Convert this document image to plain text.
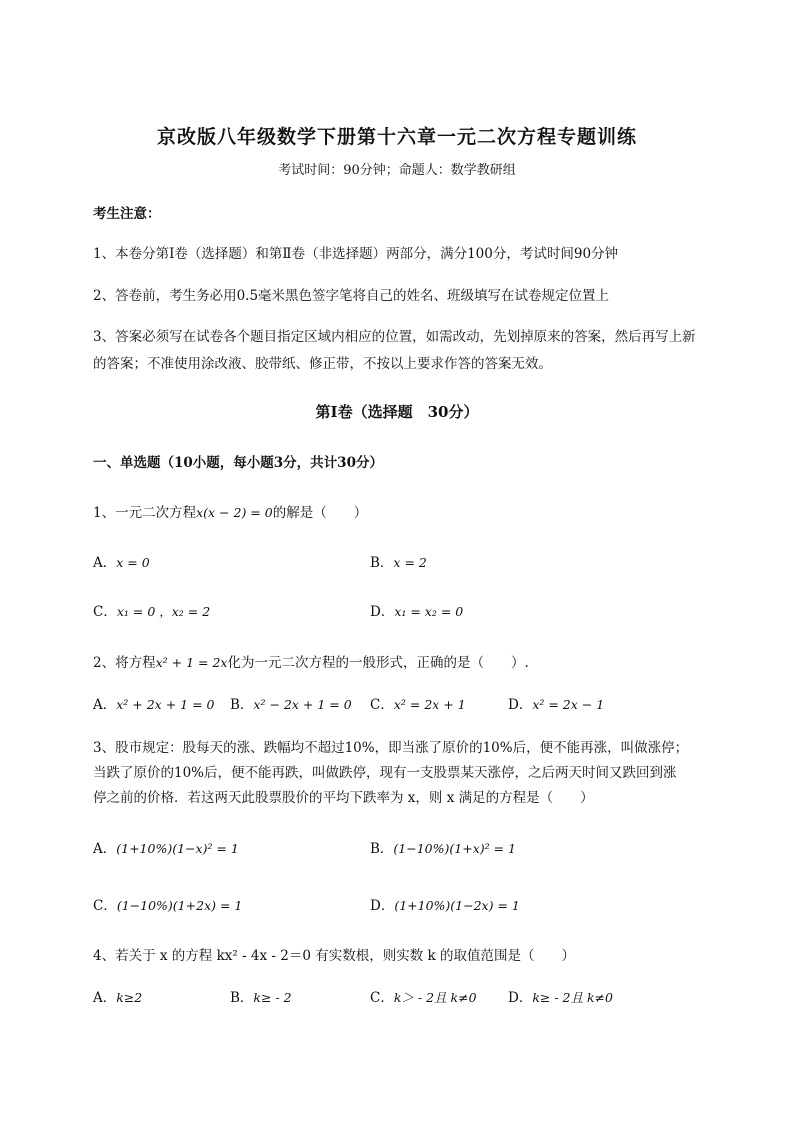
京改版八年级数学下册第十六章一元二次方程专题训练
考试时间：90分钟；命题人：数学教研组
考生注意：
1、本卷分第I卷（选择题）和第Ⅱ卷（非选择题）两部分，满分100分，考试时间90分钟
2、答卷前，考生务必用0.5毫米黑色签字笔将自己的姓名、班级填写在试卷规定位置上
3、答案必须写在试卷各个题目指定区域内相应的位置，如需改动，先划掉原来的答案，然后再写上新
的答案；不准使用涂改液、胶带纸、修正带，不按以上要求作答的答案无效。
第I卷（选择题　30分）
一、单选题（10小题，每小题3分，共计30分）
1、一元二次方程x(x − 2) = 0的解是（　　）
A．x = 0	B．x = 2
C．x₁ = 0 ，x₂ = 2	D．x₁ = x₂ = 0
2、将方程x² + 1 = 2x化为一元二次方程的一般形式，正确的是（　　）.
A．x² + 2x + 1 = 0 B．x² − 2x + 1 = 0 C．x² = 2x + 1	D．x² = 2x − 1
3、股市规定：股每天的涨、跌幅均不超过10%，即当涨了原价的10%后，便不能再涨，叫做涨停；
当跌了原价的10%后，便不能再跌，叫做跌停，现有一支股票某天涨停，之后两天时间又跌回到涨
停之前的价格．若这两天此股票股价的平均下跌率为 x，则 x 满足的方程是（　　）
A．(1+10%)(1−x)² = 1	B．(1−10%)(1+x)² = 1
C．(1−10%)(1+2x) = 1	D．(1+10%)(1−2x) = 1
4、若关于 x 的方程 kx² - 4x - 2＝0 有实数根，则实数 k 的取值范围是（　　）
A．k≥2	B．k≥ - 2	C．k＞ - 2且 k≠0 D．k≥ - 2且 k≠0
